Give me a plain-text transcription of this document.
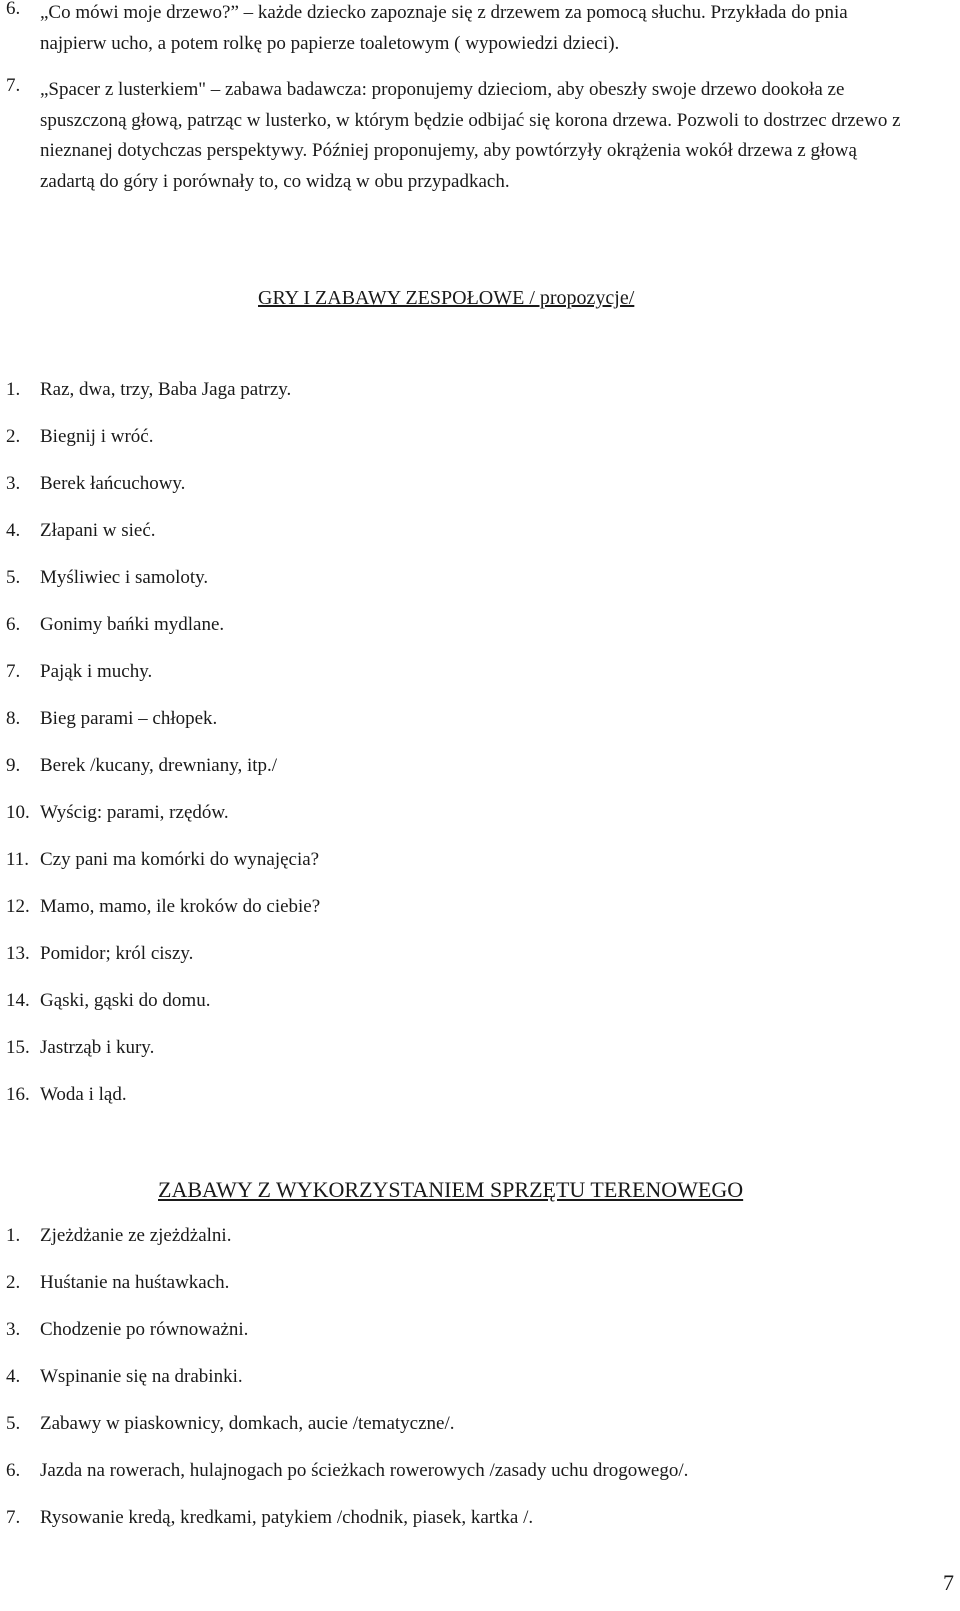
6. „Co mówi moje drzewo?” – każde dziecko zapoznaje się z drzewem za pomocą słuchu. Przykłada do pnia najpierw ucho, a potem rolkę po papierze toaletowym ( wypowiedzi dzieci).
7. „Spacer z lusterkiem" – zabawa badawcza: proponujemy dzieciom, aby obeszły swoje drzewo dookoła ze spuszczoną głową, patrząc w lusterko, w którym będzie odbijać się korona drzewa. Pozwoli to dostrzec drzewo z nieznanej dotychczas perspektywy. Później proponujemy, aby powtórzyły okrążenia wokół drzewa z głową zadartą do góry i porównały to, co widzą w obu przypadkach.
GRY I ZABAWY ZESPOŁOWE / propozycje/
1. Raz, dwa, trzy, Baba Jaga patrzy.
2. Biegnij i wróć.
3. Berek łańcuchowy.
4. Złapani w sieć.
5. Myśliwiec i samoloty.
6. Gonimy bańki mydlane.
7. Pająk i muchy.
8. Bieg parami – chłopek.
9. Berek /kucany, drewniany, itp./
10. Wyścig: parami, rzędów.
11. Czy pani ma komórki do wynajęcia?
12. Mamo, mamo, ile kroków do ciebie?
13. Pomidor; król ciszy.
14. Gąski, gąski do domu.
15. Jastrząb i kury.
16. Woda i ląd.
ZABAWY Z WYKORZYSTANIEM SPRZĘTU TERENOWEGO
1. Zjeżdżanie ze zjeżdżalni.
2. Huśtanie na huśtawkach.
3. Chodzenie po równoważni.
4. Wspinanie się na drabinki.
5. Zabawy w piaskownicy, domkach, aucie /tematyczne/.
6. Jazda na rowerach, hulajnogach po ścieżkach rowerowych /zasady uchu drogowego/.
7. Rysowanie kredą, kredkami, patykiem /chodnik, piasek, kartka /.
7
